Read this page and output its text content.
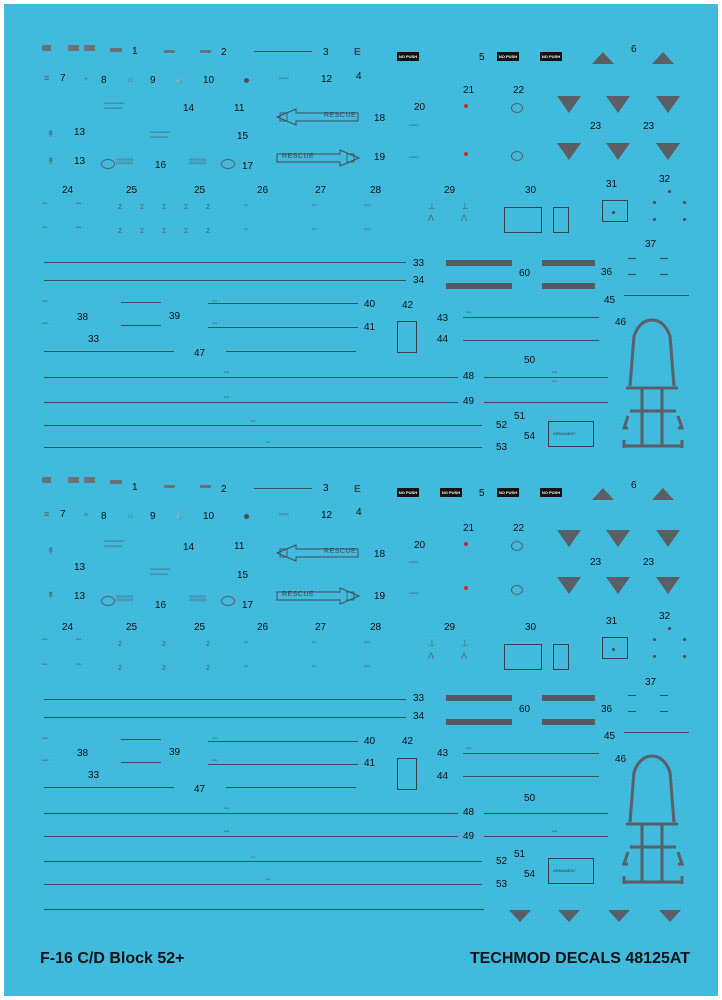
1	2	3	E	NO PUSH	5	NO PUSH	NO PUSH
6
≡ 7	+ 8	⌂ 9 ⚓ 10	▪▪▪▪▪▪▪▪▪	12 4
23	23
▪▪▪▪▪▪▪▪▪▪▪▪▪▪▪▪▪▪▪
▪▪▪▪▪▪▪▪▪▪▪▪▪▪▪▪▪	14	11
RESCUE 18
20
21	22
▪▪▪▪▪▪▪▪▪
▪▪▪▪▪▪▪▪▪
↟ 13	▪▪▪▪▪▪▪▪▪▪▪▪▪▪▪▪▪▪▪
▪▪▪▪▪▪▪▪▪▪▪▪▪▪▪▪▪	15
↟ 13	▒▒▒▒ 16	▒▒▒▒	17
RESCUE	19
24	25	25	26	27	28	29	30
31	32
▪▪▪▪▪	▪▪▪▪▪
▪▪▪▪▪	▪▪▪▪▪
2	2	2	2	2
2	2	2	2	2
▪▪▪▪
▪▪▪▪
▪▪▪▪
▪▪▪▪
▪▪▪▪▪▪
▪▪▪▪▪▪
⊥	⊥
Ʌ	Ʌ
33
34
60	36
37
45
▪▪▪▪▪▪	▪▪▪▪▪	40	42
38	39	43
▪▪▪▪▪
46
▪▪▪▪▪▪	▪▪▪▪▪	41
33	44
47
50
▪▪▪▪▪	48	▪▪▪▪▪
▪▪▪▪▪
▪▪▪▪▪	49
51
▪▪▪▪	52
54	ARMAMENT
▪▪▪▪	53
1	2	3	E	NO PUSH	NO PUSH 5	NO PUSH	NO PUSH
6
≡ 7	+ 8	⌂ 9 ⚓ 10	▪▪▪▪▪▪▪▪▪	12 4
23	23
▪▪▪▪▪▪▪▪▪▪▪▪▪▪▪▪▪▪▪
▪▪▪▪▪▪▪▪▪▪▪▪▪▪▪▪▪	14	11	RESCUE 18
20
21	22
▪▪▪▪▪▪▪▪▪
▪▪▪▪▪▪▪▪▪
↟
13	▪▪▪▪▪▪▪▪▪▪▪▪▪▪▪▪▪▪▪
▪▪▪▪▪▪▪▪▪▪▪▪▪▪▪▪▪	15
↟ 13	▒▒▒▒
16
▒▒▒▒
17
RESCUE	19
24	25	25	26	27	28	29	30
31	32
▪▪▪▪▪	▪▪▪▪▪
▪▪▪▪▪	▪▪▪▪▪
2	2	2
2	2	2
▪▪▪▪
▪▪▪▪
▪▪▪▪
▪▪▪▪
▪▪▪▪▪▪
▪▪▪▪▪▪
⊥	⊥
Ʌ	Ʌ
33
34
60	36
37
45
▪▪▪▪▪▪	▪▪▪▪▪	40	42
38	39	43	▪▪▪▪▪
46
▪▪▪▪▪▪	▪▪▪▪▪	41
33	44
47
50
▪▪▪▪▪	48
▪▪▪▪▪	49	▪▪▪▪▪
51
▪▪▪▪	52
54	ARMAMENT
▪▪▪▪	53
F-16 C/D Block 52+	TECHMOD DECALS 48125AT
